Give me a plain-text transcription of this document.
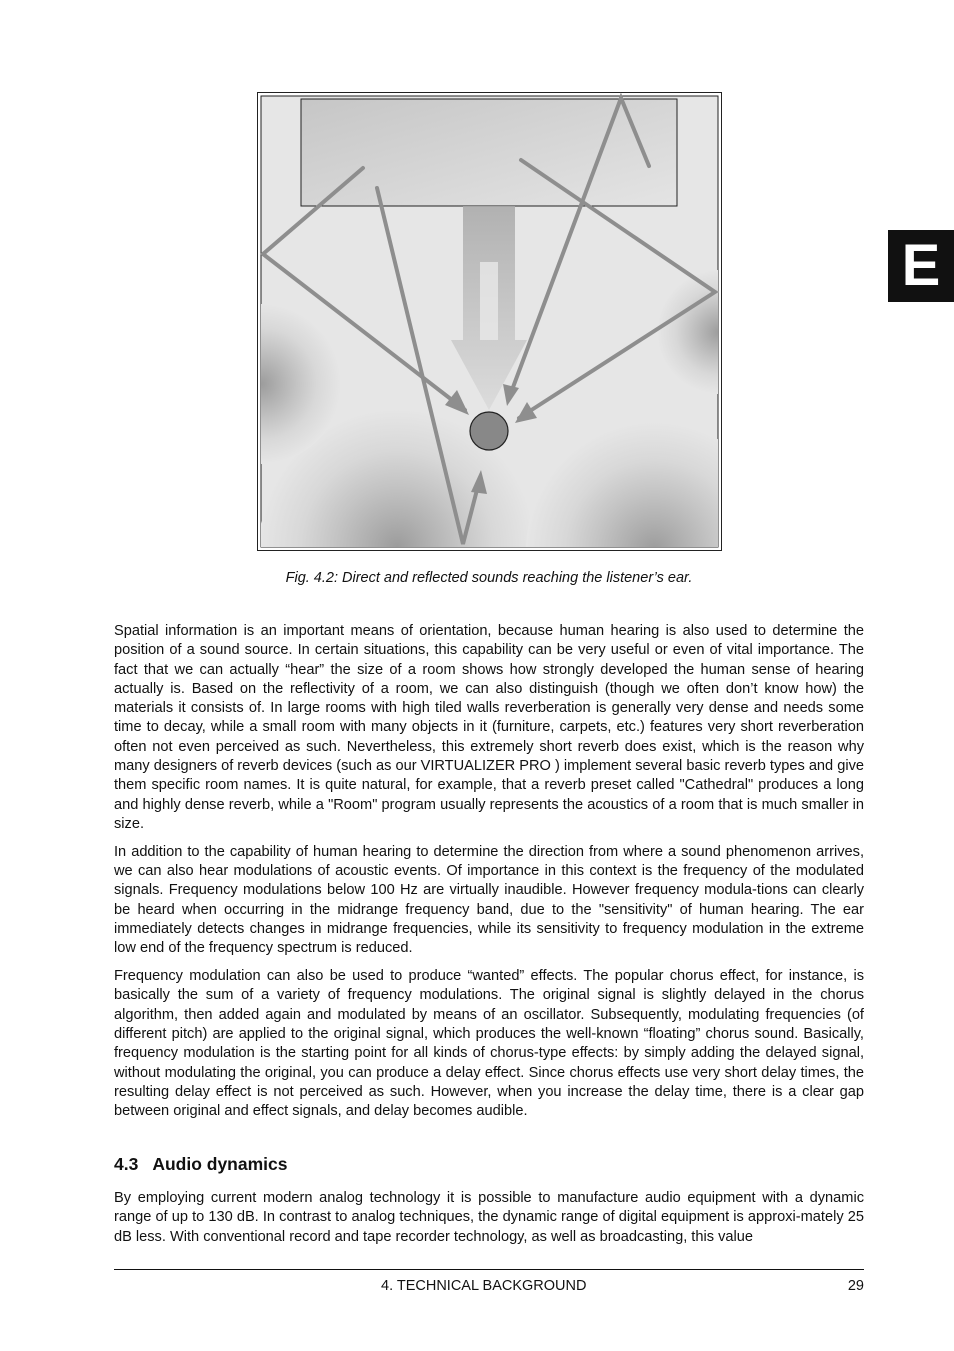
Fig. 4.2: Direct and reflected sounds reaching the listener’s ear.

Spatial information is an important means of orientation, because human hearing is also used to determine the position of a sound source. In certain situations, this capability can be very useful or even of vital importance. The fact that we can actually “hear” the size of a room shows how strongly developed the human sense of hearing actually is. Based on the reflectivity of a room, we can also distinguish (though we often don’t know how) the materials it consists of. In large rooms with high tiled walls reverberation is generally very dense and needs some time to decay, while a small room with many objects in it (furniture, carpets, etc.) features very short reverberation often not even perceived as such. Nevertheless, this extremely short reverb does exist, which is the reason why many designers of reverb devices (such as our VIRTUALIZER PRO ) implement several basic reverb types and give them specific room names. It is quite natural, for example, that a reverb preset called "Cathedral" produces a long and highly dense reverb, while a "Room" program usually represents the acoustics of a room that is much smaller in size.

In addition to the capability of human hearing to determine the direction from where a sound phenomenon arrives, we can also hear modulations of acoustic events. Of importance in this context is the frequency of the modulated signals. Frequency modulations below 100 Hz are virtually inaudible. However frequency modula-tions can clearly be heard when occurring in the midrange frequency band, due to the "sensitivity" of human hearing. The ear immediately detects changes in midrange frequencies, while its sensitivity to frequency modulation in the extreme low end of the frequency spectrum is reduced.

Frequency modulation can also be used to produce “wanted” effects. The popular chorus effect, for instance, is basically the sum of a variety of frequency modulations. The original signal is slightly delayed in the chorus algorithm, then added again and modulated by means of an oscillator. Subsequently, modulating frequencies (of different pitch) are applied to the original signal, which produces the well-known “floating” chorus sound. Basically, frequency modulation is the starting point for all kinds of chorus-type effects: by simply adding the delayed signal, without modulating the original, you can produce a delay effect. Since chorus effects use very short delay times, the resulting delay effect is not perceived as such. However, when you increase the delay time, there is a clear gap between original and effect signals, and delay becomes audible.

4.3 Audio dynamics

By employing current modern analog technology it is possible to manufacture audio equipment with a dynamic range of up to 130 dB. In contrast to analog techniques, the dynamic range of digital equipment is approxi-mately 25 dB less. With conventional record and tape recorder technology, as well as broadcasting, this value

4. TECHNICAL BACKGROUND	29
E
